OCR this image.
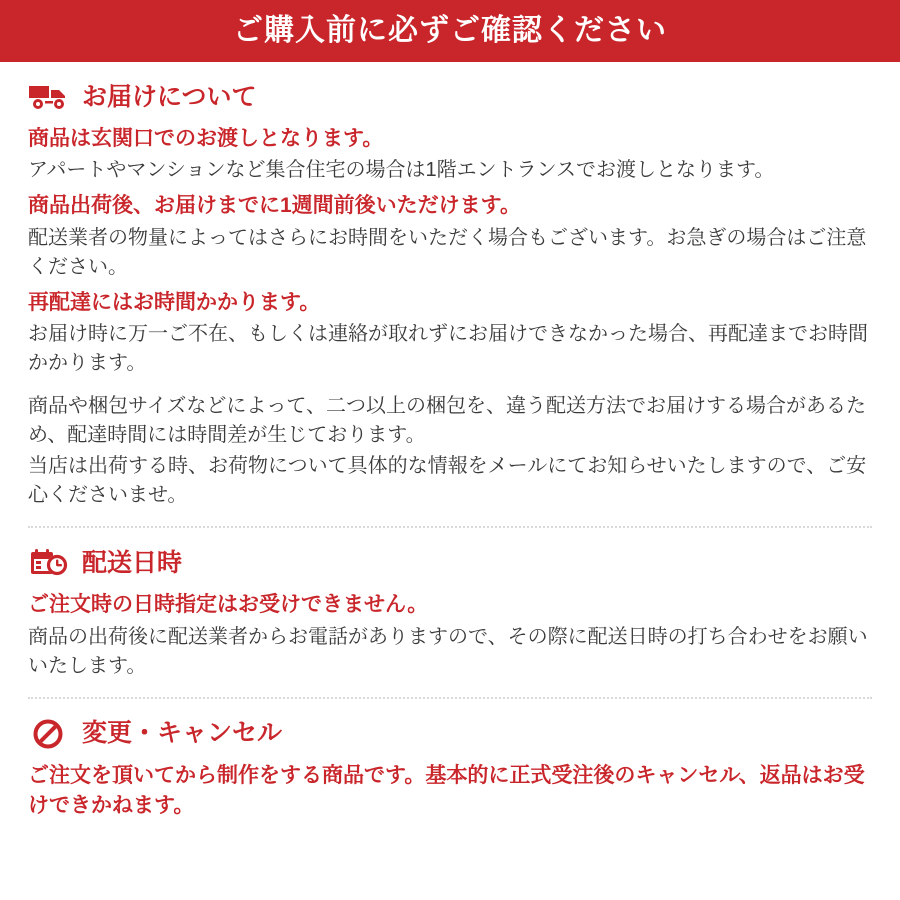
ご購入前に必ずご確認ください
お届けについて

商品は玄関口でのお渡しとなります。

アパートやマンションなど集合住宅の場合は1階エントランスでお渡しとなります。

商品出荷後、お届けまでに1週間前後いただけます。

配送業者の物量によってはさらにお時間をいただく場合もございます。お急ぎの場合はご注意ください。

再配達にはお時間かかります。

お届け時に万一ご不在、もしくは連絡が取れずにお届けできなかった場合、再配達までお時間かかります。

商品や梱包サイズなどによって、二つ以上の梱包を、違う配送方法でお届けする場合があるため、配達時間には時間差が生じております。

当店は出荷する時、お荷物について具体的な情報をメールにてお知らせいたしますので、ご安心くださいませ。

配送日時

ご注文時の日時指定はお受けできません。

商品の出荷後に配送業者からお電話がありますので、その際に配送日時の打ち合わせをお願いいたします。

変更・キャンセル

ご注文を頂いてから制作をする商品です。基本的に正式受注後のキャンセル、返品はお受けできかねます。
